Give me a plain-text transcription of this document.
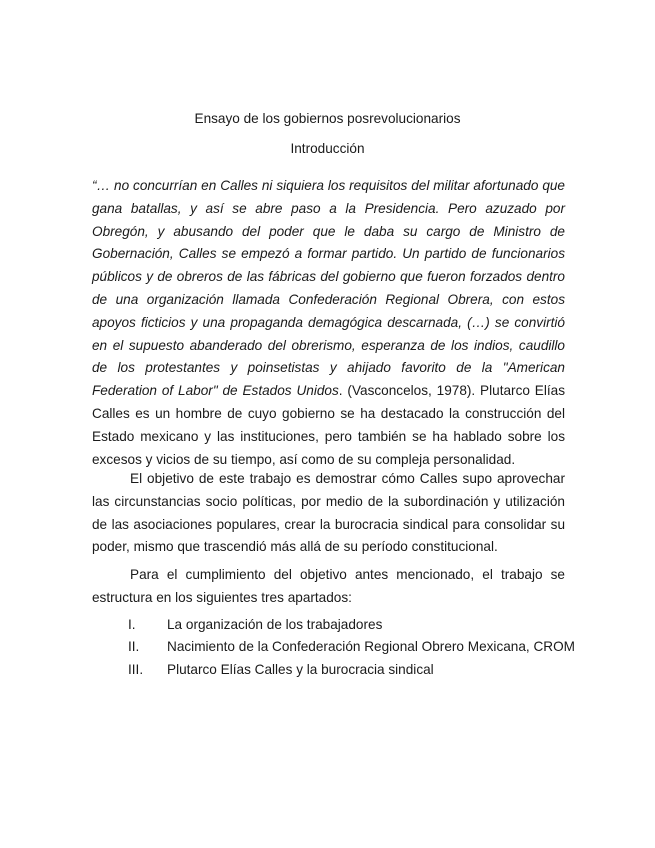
Ensayo de los gobiernos posrevolucionarios
Introducción
“… no concurrían en Calles ni siquiera los requisitos del militar afortunado que gana batallas, y así se abre paso a la Presidencia. Pero azuzado por Obregón, y abusando del poder que le daba su cargo de Ministro de Gobernación, Calles se empezó a formar partido. Un partido de funcionarios públicos y de obreros de las fábricas del gobierno que fueron forzados dentro de una organización llamada Confederación Regional Obrera, con estos apoyos ficticios y una propaganda demagógica descarnada, (…) se convirtió en el supuesto abanderado del obrerismo, esperanza de los indios, caudillo de los protestantes y poinsetistas y ahijado favorito de la "American Federation of Labor" de Estados Unidos. (Vasconcelos, 1978). Plutarco Elías Calles es un hombre de cuyo gobierno se ha destacado la construcción del Estado mexicano y las instituciones, pero también se ha hablado sobre los excesos y vicios de su tiempo, así como de su compleja personalidad.
El objetivo de este trabajo es demostrar cómo Calles supo aprovechar las circunstancias socio políticas, por medio de la subordinación y utilización de las asociaciones populares, crear la burocracia sindical para consolidar su poder, mismo que trascendió más allá de su período constitucional.
Para el cumplimiento del objetivo antes mencionado, el trabajo se estructura en los siguientes tres apartados:
I.	La organización de los trabajadores
II.	Nacimiento de la Confederación Regional Obrero Mexicana, CROM
III.	Plutarco Elías Calles y la burocracia sindical
